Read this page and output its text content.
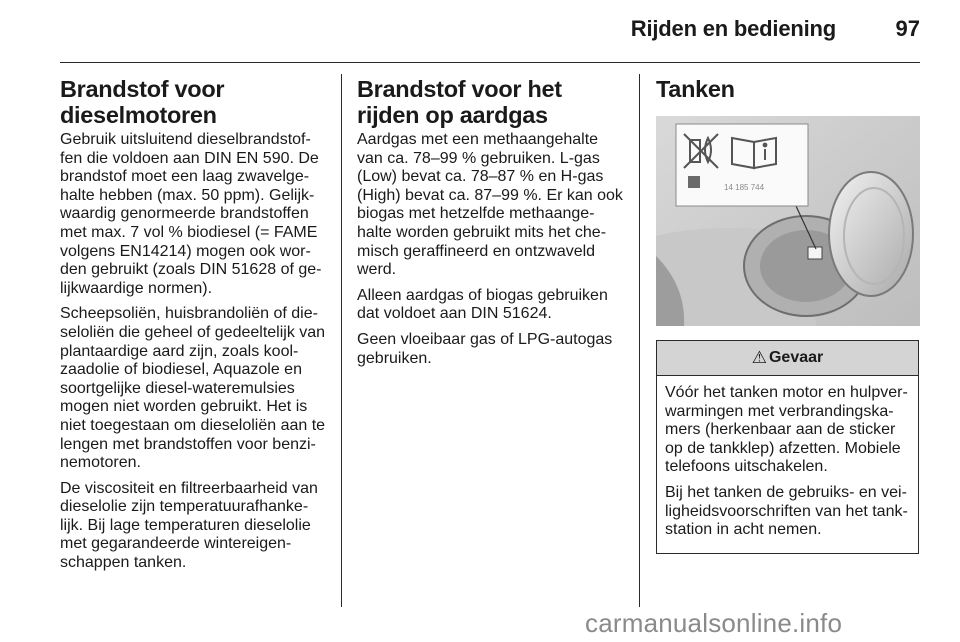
Rijden en bediening	97
Brandstof voor dieselmotoren

Gebruik uitsluitend dieselbrandstof-fen die voldoen aan DIN EN 590. De brandstof moet een laag zwavelge-halte hebben (max. 50 ppm). Gelijk-waardig genormeerde brandstoffen met max. 7 vol % biodiesel (= FAME volgens EN14214) mogen ook wor-den gebruikt (zoals DIN 51628 of ge-lijkwaardige normen).

Scheepsoliën, huisbrandoliën of die-seloliën die geheel of gedeeltelijk van plantaardige aard zijn, zoals kool-zaadolie of biodiesel, Aquazole en soortgelijke diesel-wateremulsies mogen niet worden gebruikt. Het is niet toegestaan om dieseloliën aan te lengen met brandstoffen voor benzi-nemotoren.

De viscositeit en filtreerbaarheid van dieselolie zijn temperatuurafhanke-lijk. Bij lage temperaturen dieselolie met gegarandeerde wintereigen-schappen tanken.

Brandstof voor het rijden op aardgas

Aardgas met een methaangehalte van ca. 78–99 % gebruiken. L-gas (Low) bevat ca. 78–87 % en H-gas (High) bevat ca. 87–99 %. Er kan ook biogas met hetzelfde methaange-halte worden gebruikt mits het che-misch geraffineerd en ontzwaveld werd.

Alleen aardgas of biogas gebruiken dat voldoet aan DIN 51624.

Geen vloeibaar gas of LPG-autogas gebruiken.

Tanken
14 185 744
⚠ Gevaar

Vóór het tanken motor en hulpver-warmingen met verbrandingska-mers (herkenbaar aan de sticker op de tankklep) afzetten. Mobiele telefoons uitschakelen.

Bij het tanken de gebruiks- en vei-ligheidsvoorschriften van het tank-station in acht nemen.

carmanualsonline.info
